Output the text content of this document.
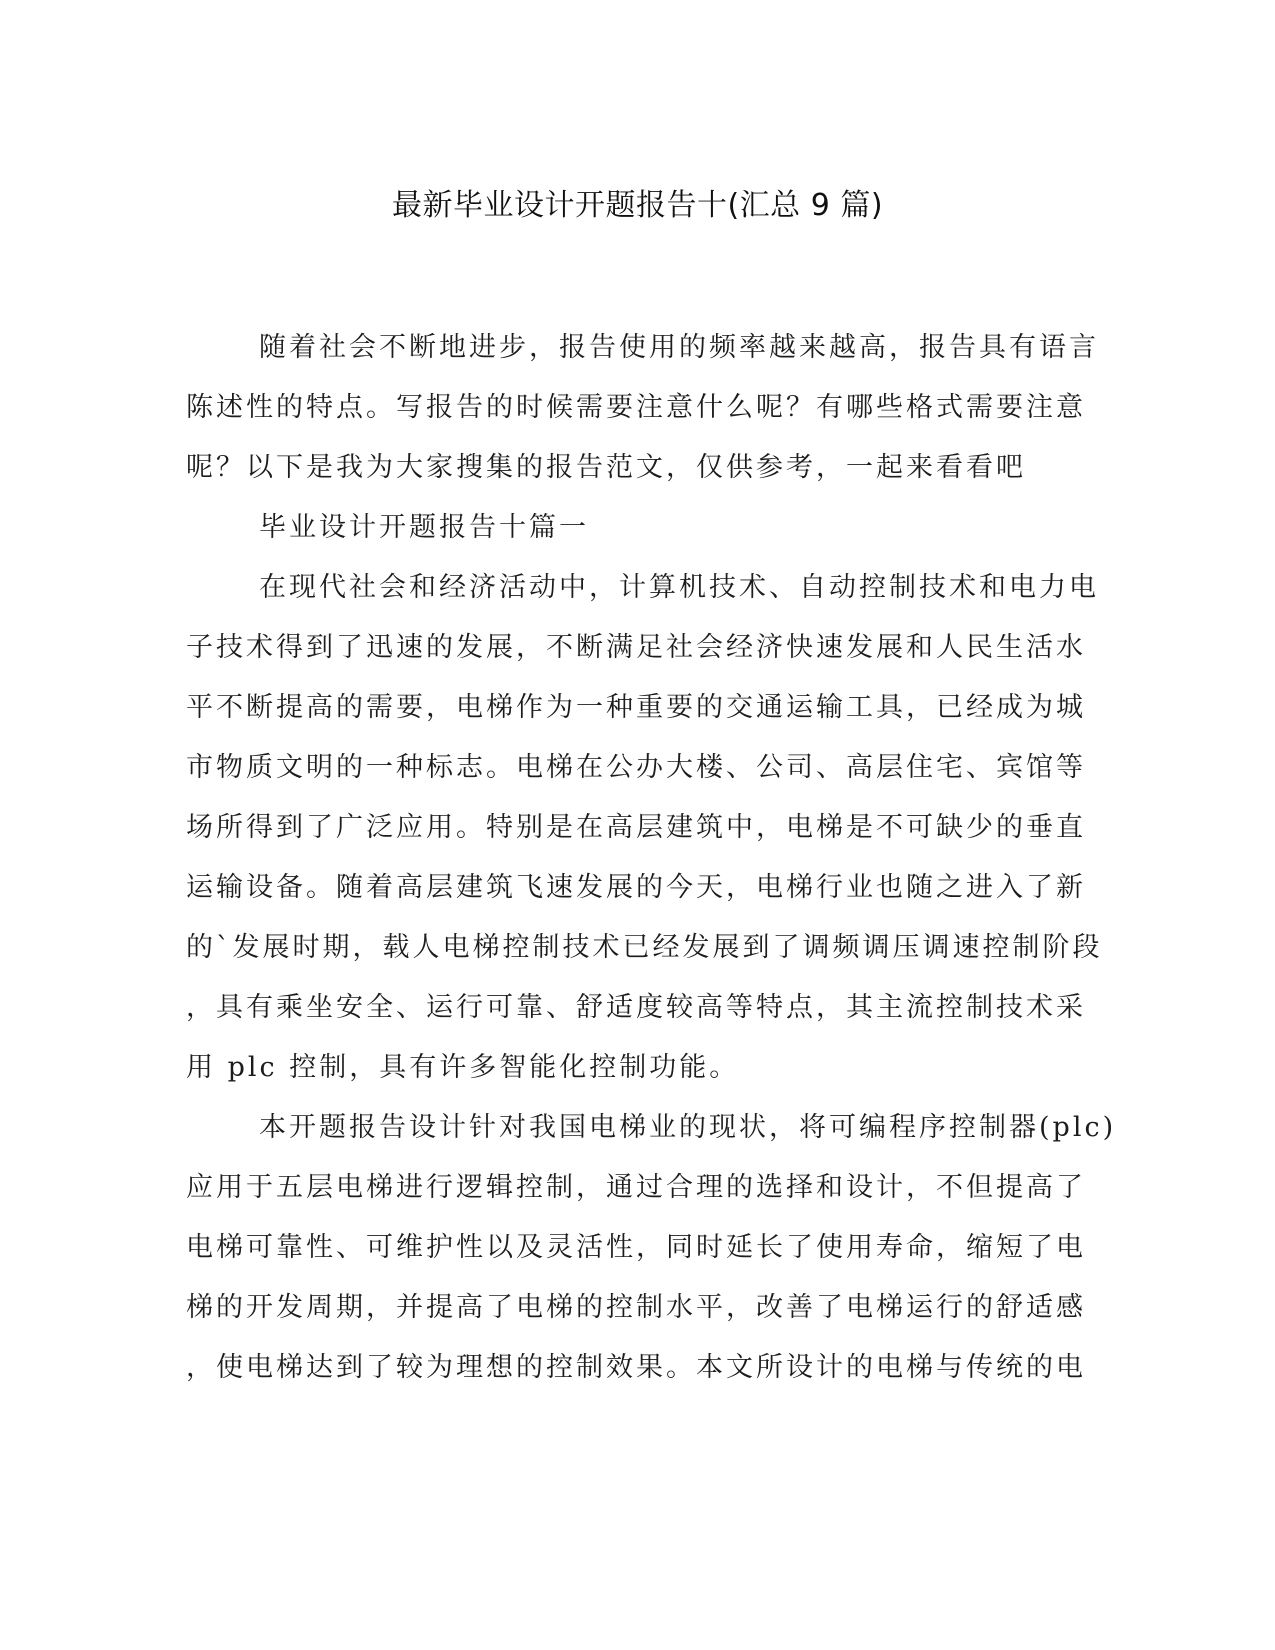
最新毕业设计开题报告十(汇总 9 篇)

随着社会不断地进步，报告使用的频率越来越高，报告具有语言
陈述性的特点。写报告的时候需要注意什么呢？有哪些格式需要注意
呢？以下是我为大家搜集的报告范文，仅供参考，一起来看看吧

毕业设计开题报告十篇一

在现代社会和经济活动中，计算机技术、自动控制技术和电力电
子技术得到了迅速的发展，不断满足社会经济快速发展和人民生活水
平不断提高的需要，电梯作为一种重要的交通运输工具，已经成为城
市物质文明的一种标志。电梯在公办大楼、公司、高层住宅、宾馆等
场所得到了广泛应用。特别是在高层建筑中，电梯是不可缺少的垂直
运输设备。随着高层建筑飞速发展的今天，电梯行业也随之进入了新
的`发展时期，载人电梯控制技术已经发展到了调频调压调速控制阶段
，具有乘坐安全、运行可靠、舒适度较高等特点，其主流控制技术采
用 plc 控制，具有许多智能化控制功能。

本开题报告设计针对我国电梯业的现状，将可编程序控制器(plc)
应用于五层电梯进行逻辑控制，通过合理的选择和设计，不但提高了
电梯可靠性、可维护性以及灵活性，同时延长了使用寿命，缩短了电
梯的开发周期，并提高了电梯的控制水平，改善了电梯运行的舒适感
，使电梯达到了较为理想的控制效果。本文所设计的电梯与传统的电
